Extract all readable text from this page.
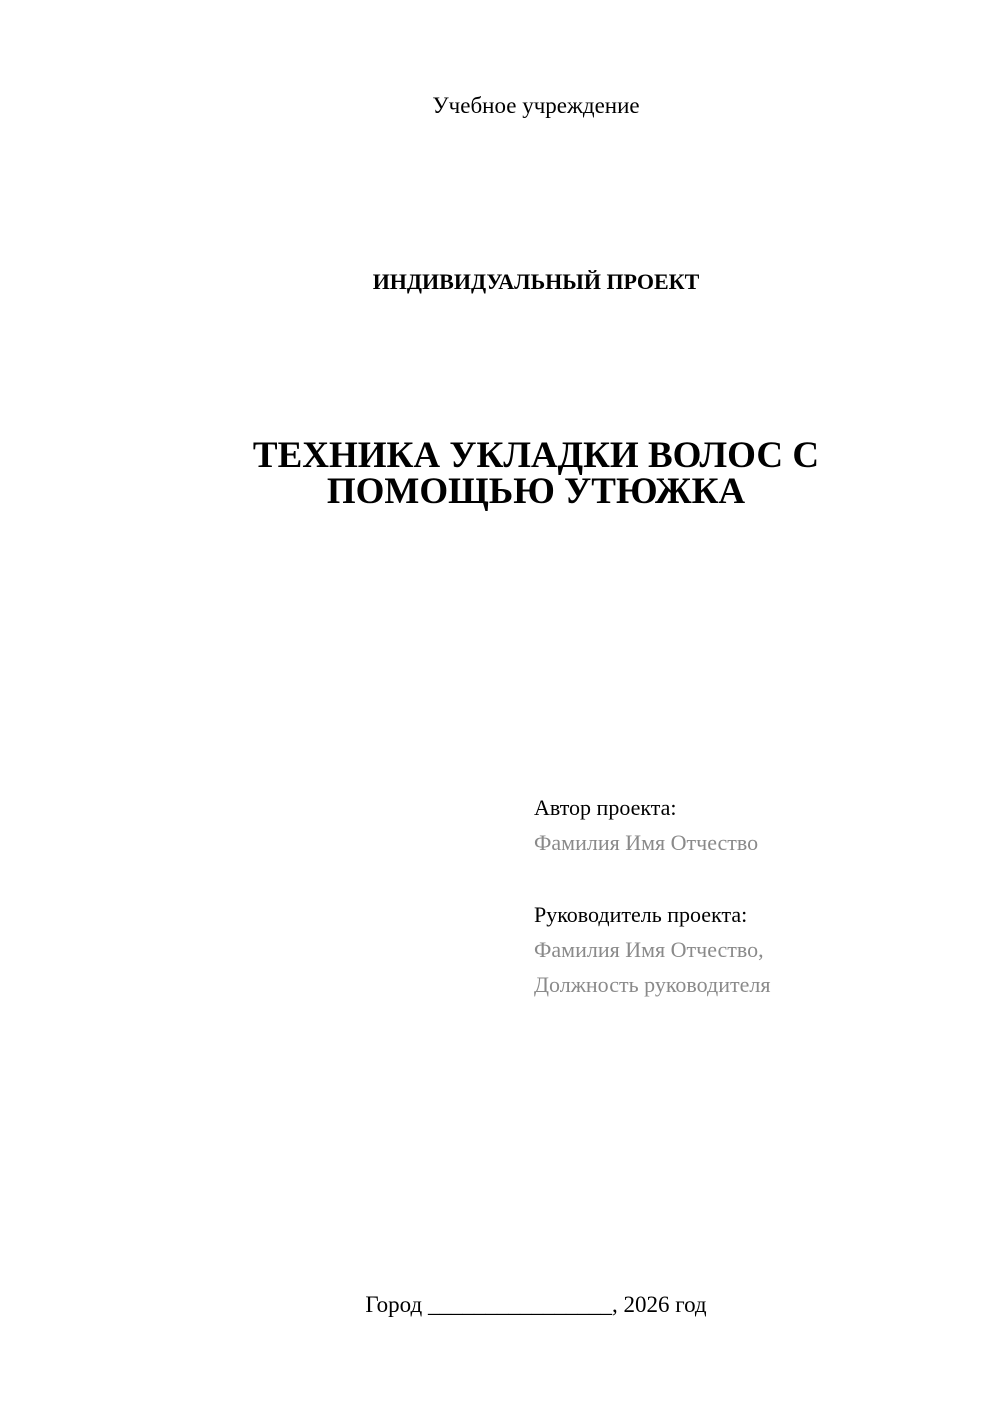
Учебное учреждение
ИНДИВИДУАЛЬНЫЙ ПРОЕКТ
ТЕХНИКА УКЛАДКИ ВОЛОС С
ПОМОЩЬЮ УТЮЖКА
Автор проекта:
Фамилия Имя Отчество
Руководитель проекта:
Фамилия Имя Отчество,
Должность руководителя
Город ________________, 2026 год
